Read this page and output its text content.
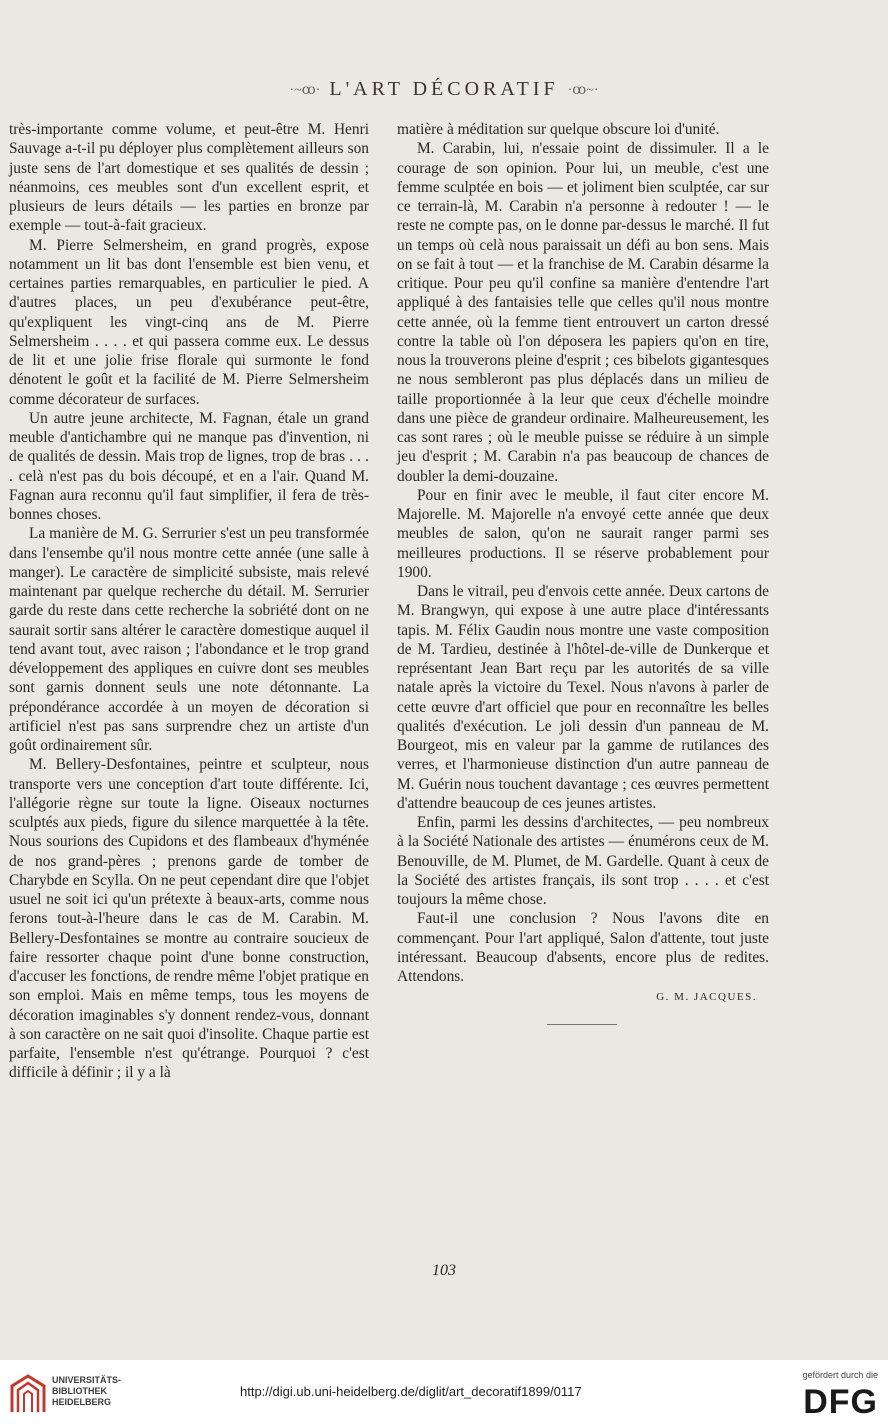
·~ꝏ· L'ART DÉCORATIF ·ꝏ~·

très-importante comme volume, et peut-être M. Henri Sauvage a-t-il pu déployer plus complètement ailleurs son juste sens de l'art domestique et ses qualités de dessin ; néanmoins, ces meubles sont d'un excellent esprit, et plusieurs de leurs détails — les parties en bronze par exemple — tout-à-fait gracieux.

M. Pierre Selmersheim, en grand progrès, expose notamment un lit bas dont l'ensemble est bien venu, et certaines parties remarquables, en particulier le pied. A d'autres places, un peu d'exubérance peut-être, qu'expliquent les vingt-cinq ans de M. Pierre Selmersheim . . . . et qui passera comme eux. Le dessus de lit et une jolie frise florale qui surmonte le fond dénotent le goût et la facilité de M. Pierre Selmersheim comme décorateur de surfaces.

Un autre jeune architecte, M. Fagnan, étale un grand meuble d'antichambre qui ne manque pas d'invention, ni de qualités de dessin. Mais trop de lignes, trop de bras . . . . celà n'est pas du bois découpé, et en a l'air. Quand M. Fagnan aura reconnu qu'il faut simplifier, il fera de très-bonnes choses.

La manière de M. G. Serrurier s'est un peu transformée dans l'ensembe qu'il nous montre cette année (une salle à manger). Le caractère de simplicité subsiste, mais relevé maintenant par quelque recherche du détail. M. Serrurier garde du reste dans cette recherche la sobriété dont on ne saurait sortir sans altérer le caractère domestique auquel il tend avant tout, avec raison ; l'abondance et le trop grand développement des appliques en cuivre dont ses meubles sont garnis donnent seuls une note détonnante. La prépondérance accordée à un moyen de décoration si artificiel n'est pas sans surprendre chez un artiste d'un goût ordinairement sûr.

M. Bellery-Desfontaines, peintre et sculpteur, nous transporte vers une conception d'art toute différente. Ici, l'allégorie règne sur toute la ligne. Oiseaux nocturnes sculptés aux pieds, figure du silence marquettée à la tête. Nous sourions des Cupidons et des flambeaux d'hyménée de nos grand-pères ; prenons garde de tomber de Charybde en Scylla. On ne peut cependant dire que l'objet usuel ne soit ici qu'un prétexte à beaux-arts, comme nous ferons tout-à-l'heure dans le cas de M. Carabin. M. Bellery-Desfontaines se montre au contraire soucieux de faire ressorter chaque point d'une bonne construction, d'accuser les fonctions, de rendre même l'objet pratique en son emploi. Mais en même temps, tous les moyens de décoration imaginables s'y donnent rendez-vous, donnant à son caractère on ne sait quoi d'insolite. Chaque partie est parfaite, l'ensemble n'est qu'étrange. Pourquoi ? c'est difficile à définir ; il y a là

matière à méditation sur quelque obscure loi d'unité.

M. Carabin, lui, n'essaie point de dissimuler. Il a le courage de son opinion. Pour lui, un meuble, c'est une femme sculptée en bois — et joliment bien sculptée, car sur ce terrain-là, M. Carabin n'a personne à redouter ! — le reste ne compte pas, on le donne par-dessus le marché. Il fut un temps où celà nous paraissait un défi au bon sens. Mais on se fait à tout — et la franchise de M. Carabin désarme la critique. Pour peu qu'il confine sa manière d'entendre l'art appliqué à des fantaisies telle que celles qu'il nous montre cette année, où la femme tient entrouvert un carton dressé contre la table où l'on déposera les papiers qu'on en tire, nous la trouverons pleine d'esprit ; ces bibelots gigantesques ne nous sembleront pas plus déplacés dans un milieu de taille proportionnée à la leur que ceux d'échelle moindre dans une pièce de grandeur ordinaire. Malheureusement, les cas sont rares ; où le meuble puisse se réduire à un simple jeu d'esprit ; M. Carabin n'a pas beaucoup de chances de doubler la demi-douzaine.

Pour en finir avec le meuble, il faut citer encore M. Majorelle. M. Majorelle n'a envoyé cette année que deux meubles de salon, qu'on ne saurait ranger parmi ses meilleures productions. Il se réserve probablement pour 1900.

Dans le vitrail, peu d'envois cette année. Deux cartons de M. Brangwyn, qui expose à une autre place d'intéressants tapis. M. Félix Gaudin nous montre une vaste composition de M. Tardieu, destinée à l'hôtel-de-ville de Dunkerque et représentant Jean Bart reçu par les autorités de sa ville natale après la victoire du Texel. Nous n'avons à parler de cette œuvre d'art officiel que pour en reconnaître les belles qualités d'exécution. Le joli dessin d'un panneau de M. Bourgeot, mis en valeur par la gamme de rutilances des verres, et l'harmonieuse distinction d'un autre panneau de M. Guérin nous touchent davantage ; ces œuvres permettent d'attendre beaucoup de ces jeunes artistes.

Enfin, parmi les dessins d'architectes, — peu nombreux à la Société Nationale des artistes — énumérons ceux de M. Benouville, de M. Plumet, de M. Gardelle. Quant à ceux de la Société des artistes français, ils sont trop . . . . et c'est toujours la même chose.

Faut-il une conclusion ? Nous l'avons dite en commençant. Pour l'art appliqué, Salon d'attente, tout juste intéressant. Beaucoup d'absents, encore plus de redites. Attendons.

G. M. JACQUES.
103
UNIVERSITÄTS-
BIBLIOTHEK
HEIDELBERG
http://digi.ub.uni-heidelberg.de/diglit/art_decoratif1899/0117
gefördert durch die
DFG
